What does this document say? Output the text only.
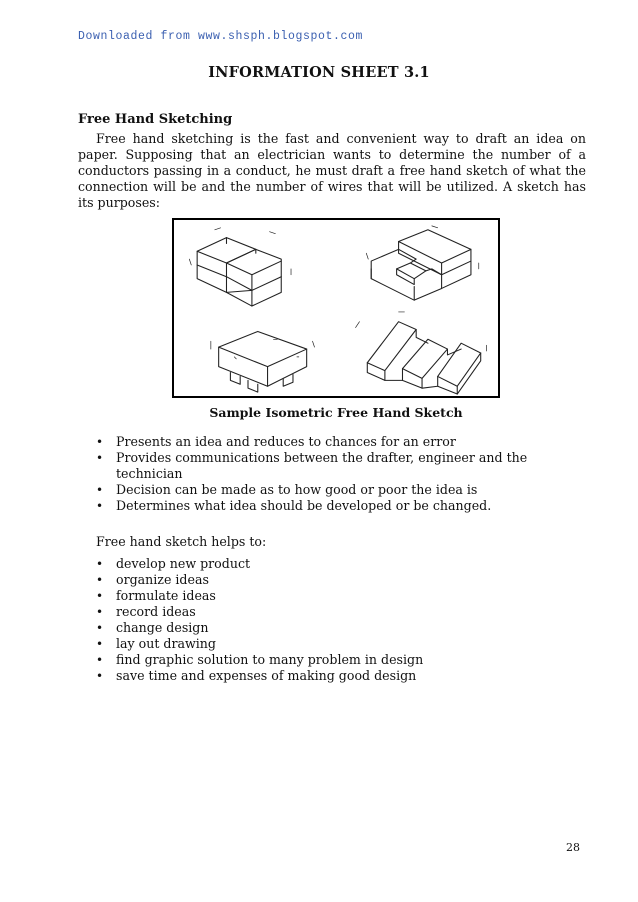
Downloaded from www.shsph.blogspot.com
INFORMATION SHEET 3.1
Free Hand Sketching

Free hand sketching is the fast and convenient way to draft an idea on paper. Supposing that an electrician wants to determine the number of a conductors passing in a conduct, he must draft a free hand sketch of what the connection will be and the number of wires that will be utilized. A sketch has its purposes:

Sample Isometric Free Hand Sketch
• Presents an idea and reduces to chances for an error
• Provides communications between the drafter, engineer and the technician
• Decision can be made as to how good or poor the idea is
• Determines what idea should be developed or be changed.
Free hand sketch helps to:
• develop new product
• organize ideas
• formulate ideas
• record ideas
• change design
• lay out drawing
• find graphic solution to many problem in design
• save time and expenses of making good design
28
